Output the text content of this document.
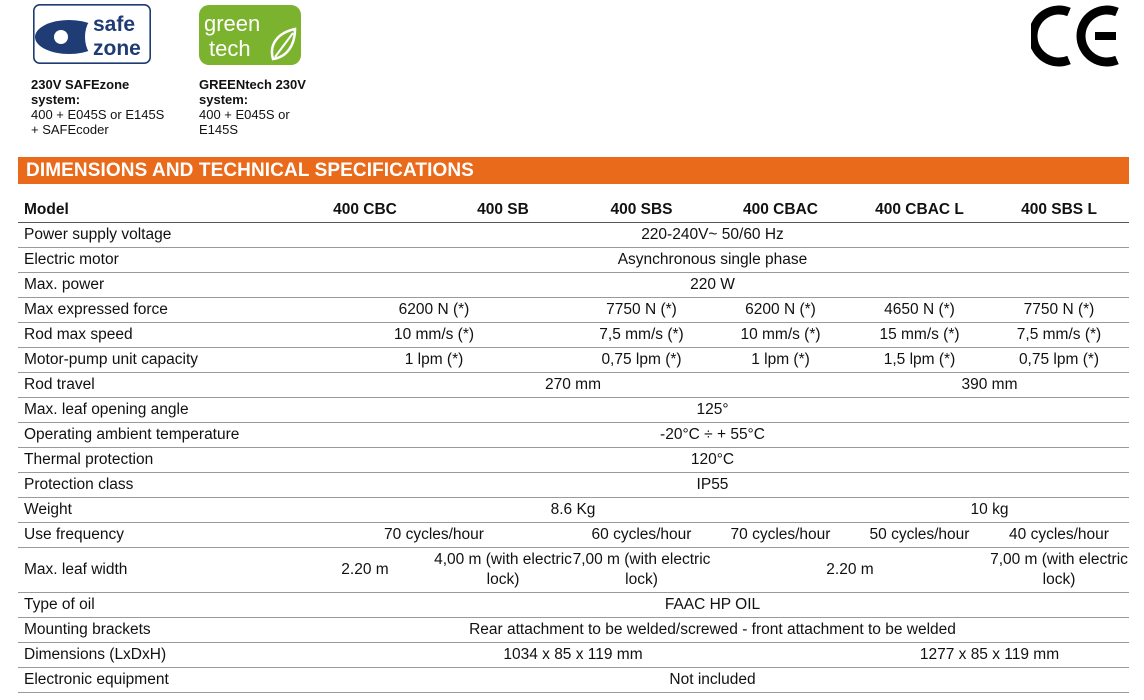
safe
zone
green
tech
230V SAFEzone system:
400 + E045S or E145S
+ SAFEcoder
GREENtech 230V system:
400 + E045S or
E145S
DIMENSIONS AND TECHNICAL SPECIFICATIONS
Model	400 CBC	400 SB	400 SBS	400 CBAC	400 CBAC L	400 SBS L
Power supply voltage	220-240V~ 50/60 Hz					
Electric motor	Asynchronous single phase					
Max. power	220 W					
Max expressed force	6200 N (*)		7750 N (*)	6200 N (*)	4650 N (*)	7750 N (*)
Rod max speed	10 mm/s (*)		7,5 mm/s (*)	10 mm/s (*)	15 mm/s (*)	7,5 mm/s (*)
Motor-pump unit capacity	1 lpm (*)		0,75 lpm (*)	1 lpm (*)	1,5 lpm (*)	0,75 lpm (*)
Rod travel	270 mm				390 mm	
Max. leaf opening angle	125°					
Operating ambient temperature	-20°C ÷ + 55°C					
Thermal protection	120°C					
Protection class	IP55					
Weight	8.6 Kg				10 kg	
Use frequency	70 cycles/hour		60 cycles/hour	70 cycles/hour	50 cycles/hour	40 cycles/hour
Max. leaf width	2.20 m	4,00 m (with electric lock)	7,00 m (with electric lock)	2.20 m		7,00 m (with electric lock)
Type of oil	FAAC HP OIL					
Mounting brackets	Rear attachment to be welded/screwed - front attachment to be welded					
Dimensions (LxDxH)	1034 x 85 x 119 mm				1277 x 85 x 119 mm	
Electronic equipment	Not included					
